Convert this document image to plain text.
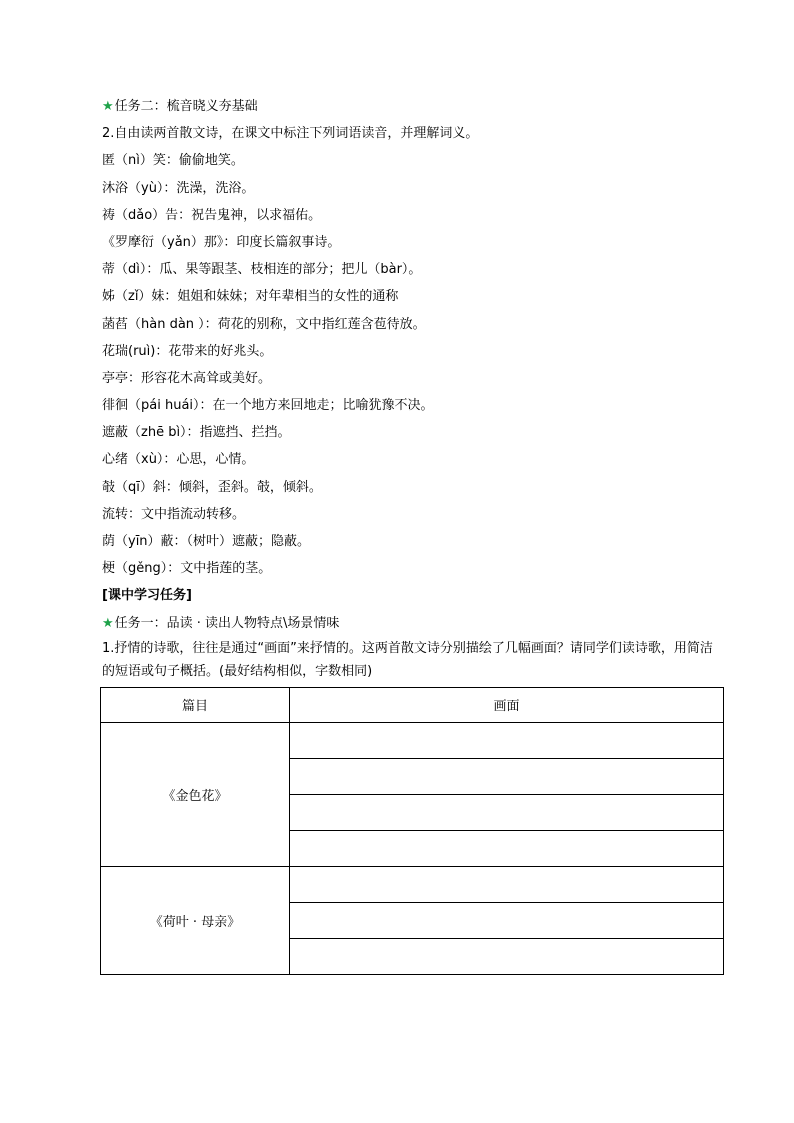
★任务二：梳音晓义夯基础
2.自由读两首散文诗，在课文中标注下列词语读音，并理解词义。
匿（nì）笑：偷偷地笑。
沐浴（yù）：洗澡，洗浴。
祷（dǎo）告：祝告鬼神，以求福佑。
《罗摩衍（yǎn）那》：印度长篇叙事诗。
蒂（dì）：瓜、果等跟茎、枝相连的部分；把儿（bàr）。
姊（zǐ）妹：姐姐和妹妹；对年辈相当的女性的通称
菡萏（hàn dàn ）：荷花的别称，文中指红莲含苞待放。
花瑞(ruì)：花带来的好兆头。
亭亭：形容花木高耸或美好。
徘徊（pái huái）：在一个地方来回地走；比喻犹豫不决。
遮蔽（zhē bì）：指遮挡、拦挡。
心绪（xù）：心思，心情。
攲（qī）斜：倾斜，歪斜。攲，倾斜。
流转：文中指流动转移。
荫（yīn）蔽：（树叶）遮蔽；隐蔽。
梗（gěng）：文中指莲的茎。
[课中学习任务]
★任务一：品读 · 读出人物特点\场景情味
1.抒情的诗歌，往往是通过“画面”来抒情的。这两首散文诗分别描绘了几幅画面？请同学们读诗歌，用简洁的短语或句子概括。(最好结构相似，字数相同)
篇目	画面
《金色花》	

《荷叶 · 母亲》	
